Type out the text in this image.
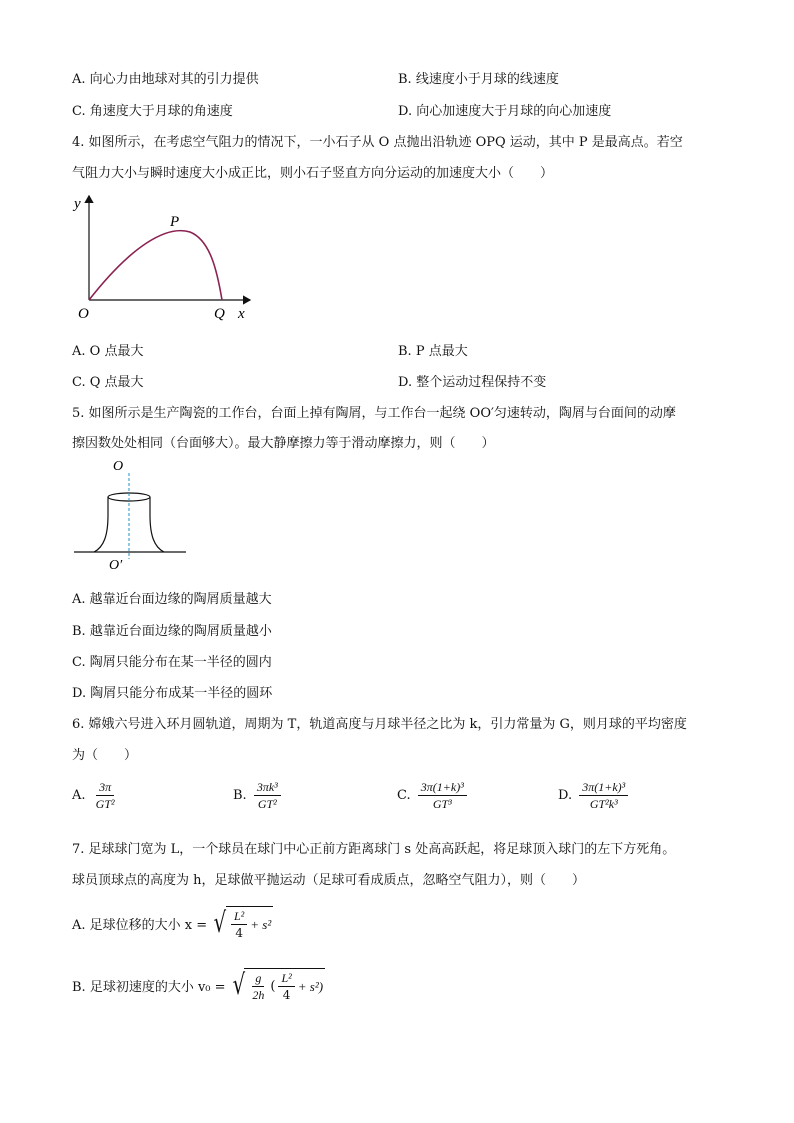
A. 向心力由地球对其的引力提供	B. 线速度小于月球的线速度
C. 角速度大于月球的角速度	D. 向心加速度大于月球的向心加速度
4. 如图所示，在考虑空气阻力的情况下，一小石子从 O 点抛出沿轨迹 OPQ 运动，其中 P 是最高点。若空
气阻力大小与瞬时速度大小成正比，则小石子竖直方向分运动的加速度大小（　　）
y
P
O	Q x
A. O 点最大	B. P 点最大
C. Q 点最大	D. 整个运动过程保持不变
5. 如图所示是生产陶瓷的工作台，台面上掉有陶屑，与工作台一起绕 OO′匀速转动，陶屑与台面间的动摩
擦因数处处相同（台面够大）。最大静摩擦力等于滑动摩擦力，则（　　）
O
O′
A. 越靠近台面边缘的陶屑质量越大
B. 越靠近台面边缘的陶屑质量越小
C. 陶屑只能分布在某一半径的圆内
D. 陶屑只能分布成某一半径的圆环
6. 嫦娥六号进入环月圆轨道，周期为 T，轨道高度与月球半径之比为 k，引力常量为 G，则月球的平均密度
为（　　）
A. $\frac{3\pi}{\text{GT²}}$	B. $\frac{\text{3πk³}}{\text{GT²}}$	C. $\frac{\text{3π(1+k)³}}{\text{GT³}}$	D. $\frac{\text{3π(1+k)³}}{\text{GT²k³}}$
7. 足球球门宽为 L，一个球员在球门中心正前方距离球门 s 处高高跃起，将足球顶入球门的左下方死角。
球员顶球点的高度为 h，足球做平抛运动（足球可看成质点，忽略空气阻力），则（　　）
A. 足球位移的大小 x = √ $\frac{\text{L²}}{4} + s^2$
B. 足球初速度的大小 v₀ = √ $\frac{g}{2h}$ ( $\frac{\text{L²}}{4} + s^2$)
